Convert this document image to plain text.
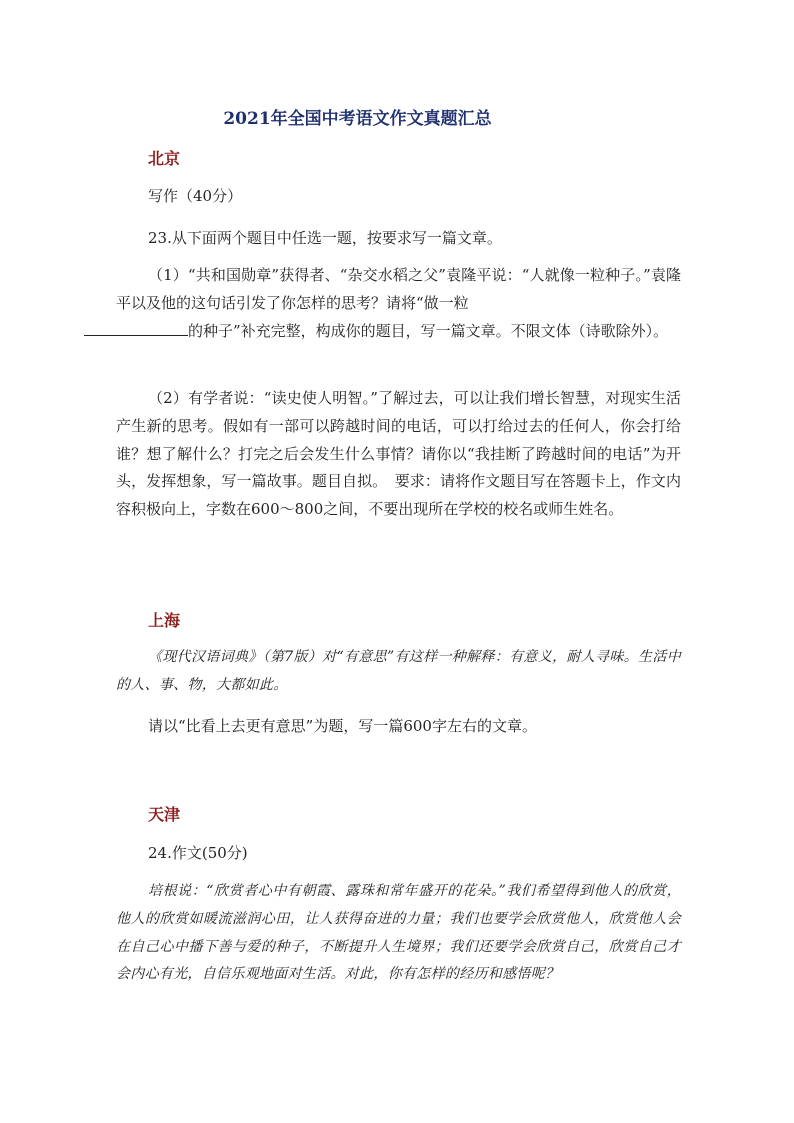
2021年全国中考语文作文真题汇总
北京
写作（40分）
23.从下面两个题目中任选一题，按要求写一篇文章。
（1）“共和国勋章”获得者、“杂交水稻之父”袁隆平说：“人就像一粒种子。”袁隆平以及他的这句话引发了你怎样的思考？请将“做一粒
的种子”补充完整，构成你的题目，写一篇文章。不限文体（诗歌除外）。
（2）有学者说：“读史使人明智。”了解过去，可以让我们增长智慧，对现实生活产生新的思考。假如有一部可以跨越时间的电话，可以打给过去的任何人，你会打给谁？想了解什么？打完之后会发生什么事情？请你以“我挂断了跨越时间的电话”为开头，发挥想象，写一篇故事。题目自拟。　要求：请将作文题目写在答题卡上，作文内容积极向上，字数在600～800之间，不要出现所在学校的校名或师生姓名。
上海
《现代汉语词典》（第7版）对“有意思”有这样一种解释：有意义，耐人寻味。生活中的人、事、物，大都如此。
请以“比看上去更有意思”为题，写一篇600字左右的文章。
天津
24.作文(50分)
培根说：“欣赏者心中有朝霞、露珠和常年盛开的花朵。”我们希望得到他人的欣赏，他人的欣赏如暖流滋润心田，让人获得奋进的力量；我们也要学会欣赏他人，欣赏他人会在自己心中播下善与爱的种子，不断提升人生境界；我们还要学会欣赏自己，欣赏自己才会内心有光，自信乐观地面对生活。对此，你有怎样的经历和感悟呢？
